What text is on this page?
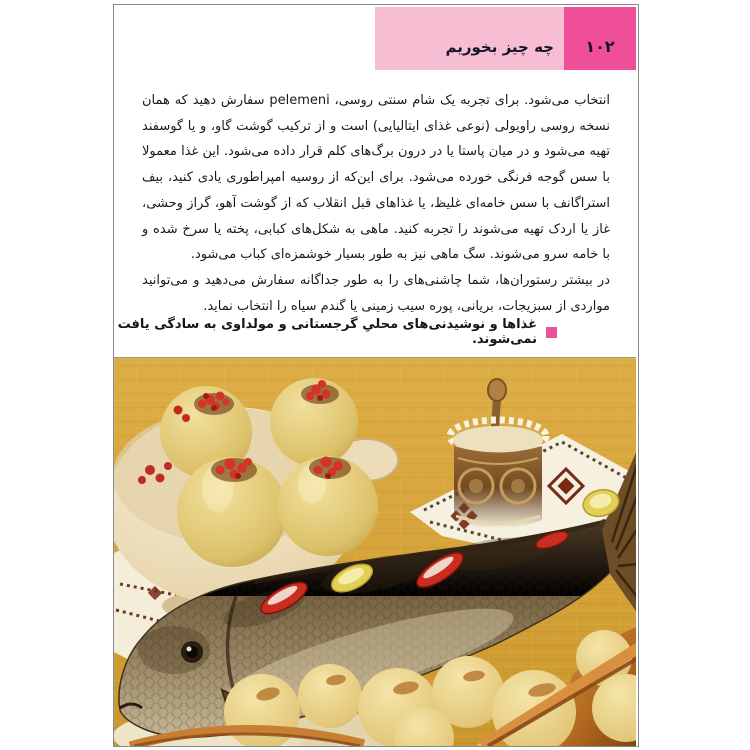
چه چیز بخوریم	۱۰۲

انتخاب می‌شود. برای تجربه یک شام سنتی روسی، pelemeni سفارش دهید که همان نسخه روسی راویولی (نوعی غذای ایتالیایی) است و از ترکیب گوشت گاو، و یا گوسفند تهیه می‌شود و در میان پاستا یا در درون برگ‌های کلم قرار داده می‌شود. این غذا معمولا با سس گوجه فرنگی خورده می‌شود. برای این‌که از روسیه امپراطوری یادی کنید، بیف استراگانف با سس خامه‌ای غلیظ، یا غذاهای قبل انقلاب که از گوشت آهو، گراز وحشی، غاز یا اردک تهیه می‌شوند را تجربه کنید. ماهی به شکل‌های کبابی، پخته یا سرخ شده و با خامه سرو می‌شوند. سگ ماهی نیز به طور بسیار خوشمزه‌ای کباب می‌شود.

در بیشتر رستوران‌ها، شما چاشنی‌های را به طور جداگانه سفارش می‌دهید و می‌توانید مواردی از سبزیجات، بریانی، پوره سیب زمینی یا گندم سیاه را انتخاب نماید.

غذاها و نوشیدنی‌های محلیِ گرجستانی و مولداوی به سادگی یافت نمی‌شوند.
